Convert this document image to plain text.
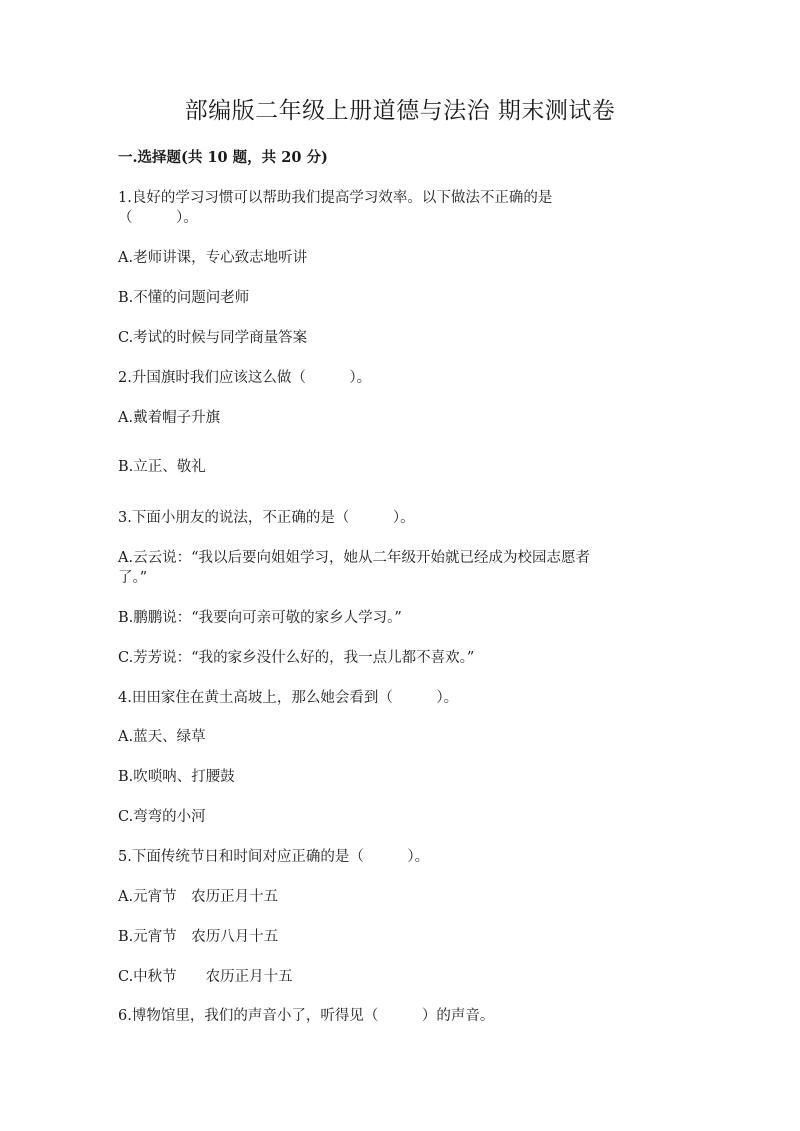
部编版二年级上册道德与法治 期末测试卷
一.选择题(共 10 题，共 20 分)
1.良好的学习习惯可以帮助我们提高学习效率。以下做法不正确的是
（　　　）。
A.老师讲课，专心致志地听讲
B.不懂的问题问老师
C.考试的时候与同学商量答案
2.升国旗时我们应该这么做（　　　）。
A.戴着帽子升旗
B.立正、敬礼
3.下面小朋友的说法，不正确的是（　　　）。
A.云云说：“我以后要向姐姐学习，她从二年级开始就已经成为校园志愿者
了。”
B.鹏鹏说：“我要向可亲可敬的家乡人学习。”
C.芳芳说：“我的家乡没什么好的，我一点儿都不喜欢。”
4.田田家住在黄土高坡上，那么她会看到（　　　）。
A.蓝天、绿草
B.吹唢呐、打腰鼓
C.弯弯的小河
5.下面传统节日和时间对应正确的是（　　　）。
A.元宵节　农历正月十五
B.元宵节　农历八月十五
C.中秋节　　农历正月十五
6.博物馆里，我们的声音小了，听得见（　　　）的声音。
